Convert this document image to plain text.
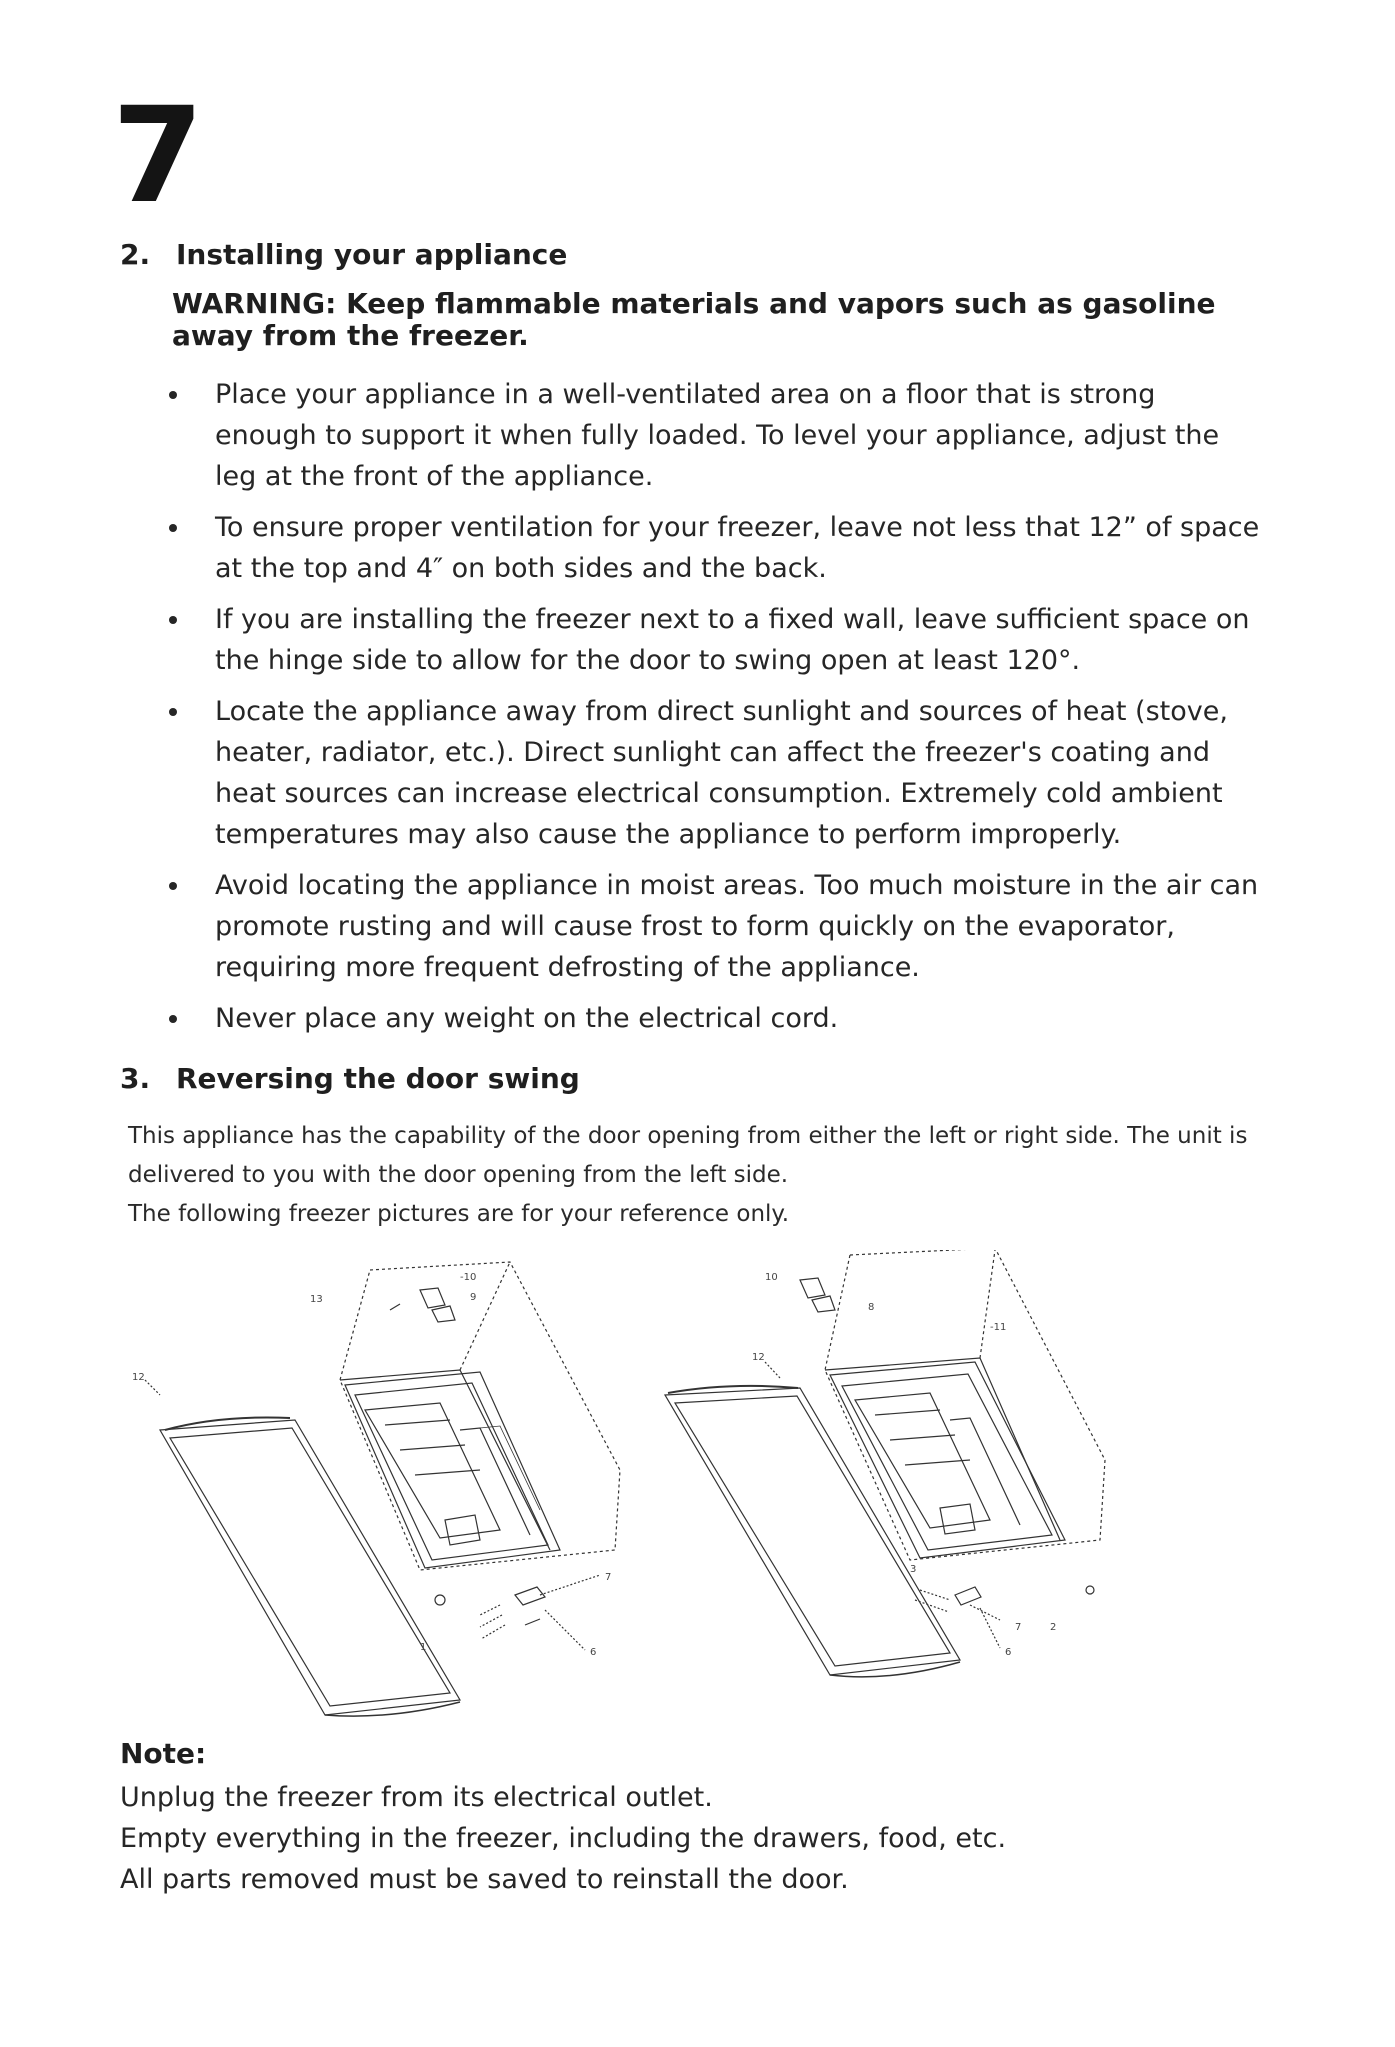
7
2. Installing your appliance
WARNING: Keep flammable materials and vapors such as gasoline away from the freezer.
Place your appliance in a well-ventilated area on a floor that is strong enough to support it when fully loaded. To level your appliance, adjust the leg at the front of the appliance.
To ensure proper ventilation for your freezer, leave not less that 12” of space at the top and 4″ on both sides and the back.
If you are installing the freezer next to a fixed wall, leave sufficient space on the hinge side to allow for the door to swing open at least 120°.
Locate the appliance away from direct sunlight and sources of heat (stove, heater, radiator, etc.). Direct sunlight can affect the freezer's coating and heat sources can increase electrical consumption. Extremely cold ambient temperatures may also cause the appliance to perform improperly.
Avoid locating the appliance in moist areas. Too much moisture in the air can promote rusting and will cause frost to form quickly on the evaporator, requiring more frequent defrosting of the appliance.
Never place any weight on the electrical cord.
3. Reversing the door swing

This appliance has the capability of the door opening from either the left or right side. The unit is delivered to you with the door opening from the left side.

The following freezer pictures are for your reference only.

13
-10
9
12
1
7
6
10
8
-11
12
3
7
6
2
Note:

Unplug the freezer from its electrical outlet.

Empty everything in the freezer, including the drawers, food, etc.

All parts removed must be saved to reinstall the door.
